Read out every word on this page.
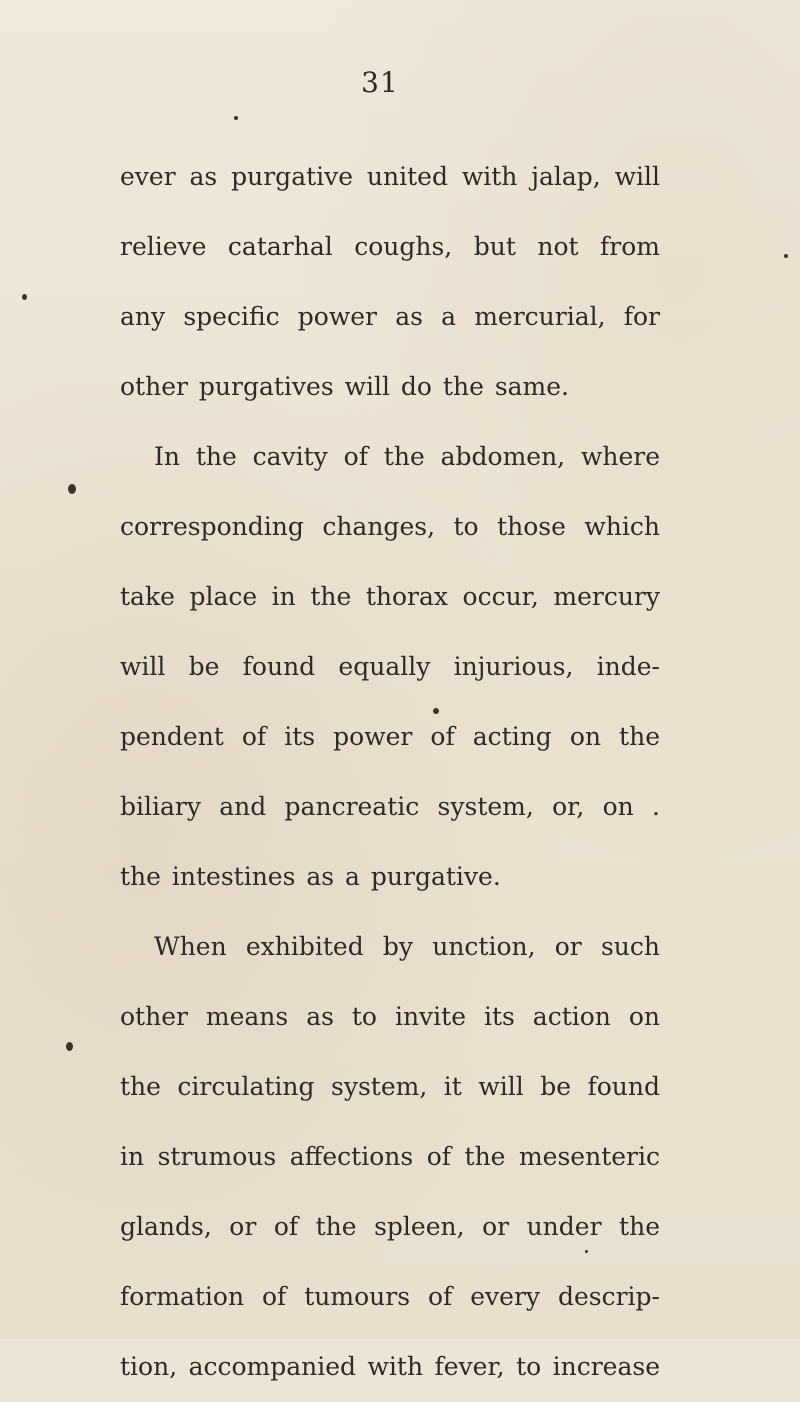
31
ever as purgative united with jalap, will
relieve catarhal coughs, but not from
any specific power as a mercurial, for
other purgatives will do the same.
In the cavity of the abdomen, where
corresponding changes, to those which
take place in the thorax occur, mercury
will be found equally injurious, inde-
pendent of its power of acting on the
biliary and pancreatic system, or, on .
the intestines as a purgative.
When exhibited by unction, or such
other means as to invite its action on
the circulating system, it will be found
in strumous affections of the mesenteric
glands, or of the spleen, or under the
formation of tumours of every descrip-
tion, accompanied with fever, to increase
